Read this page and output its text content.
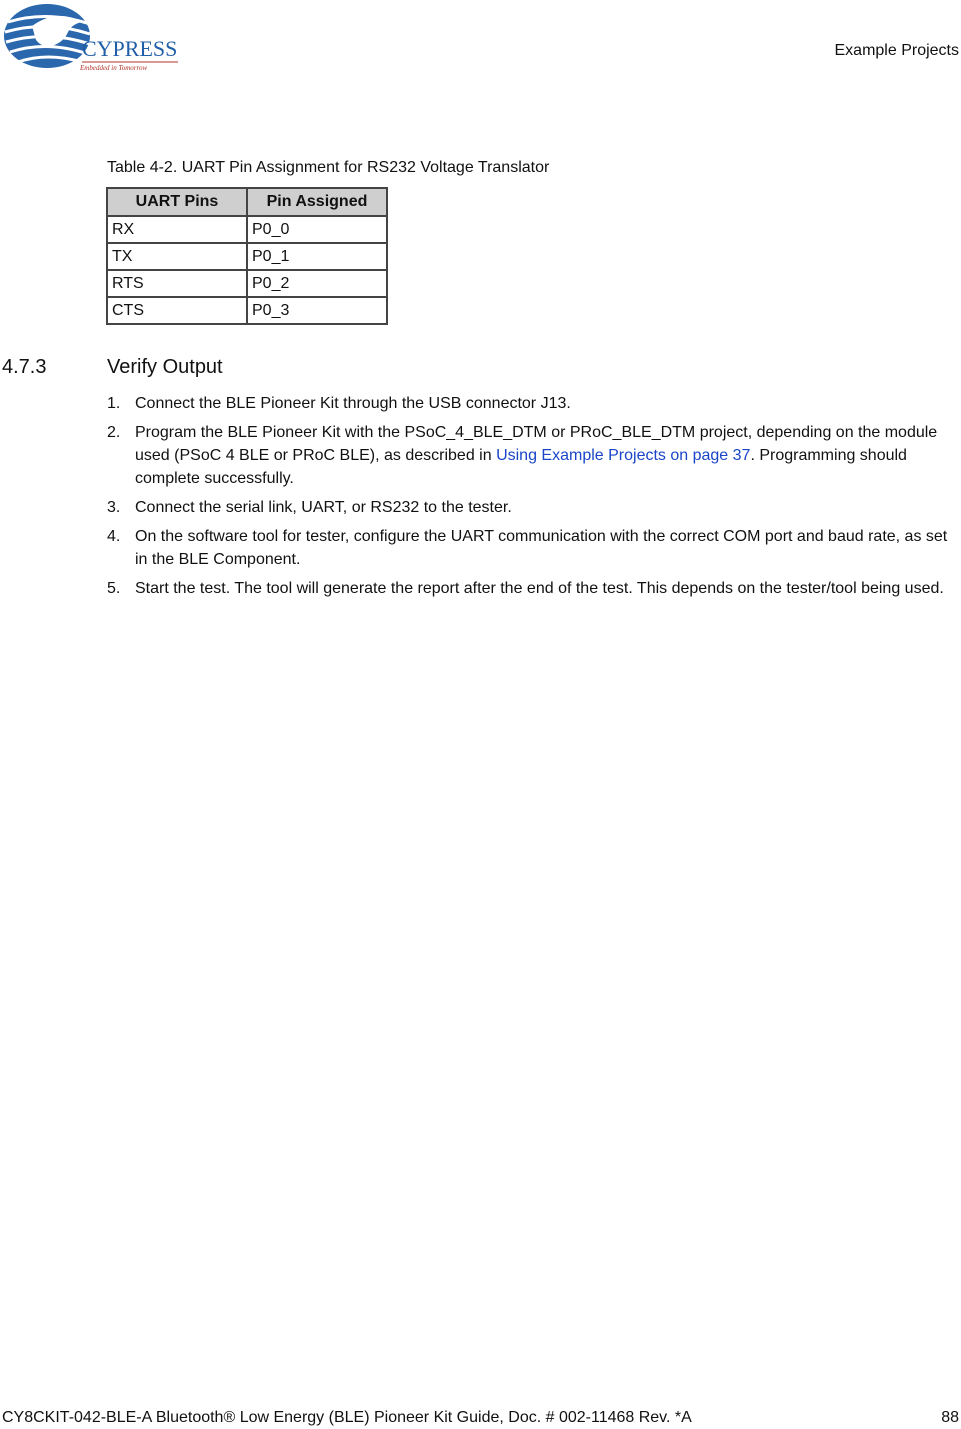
CYPRESS
Embedded in Tomorrow
Example Projects
Table 4-2. UART Pin Assignment for RS232 Voltage Translator
UART Pins	Pin Assigned
RX	P0_0
TX	P0_1
RTS	P0_2
CTS	P0_3
4.7.3	Verify Output
1. Connect the BLE Pioneer Kit through the USB connector J13.
2. Program the BLE Pioneer Kit with the PSoC_4_BLE_DTM or PRoC_BLE_DTM project, depending on the module used (PSoC 4 BLE or PRoC BLE), as described in Using Example Projects on page 37. Programming should complete successfully.
3. Connect the serial link, UART, or RS232 to the tester.
4. On the software tool for tester, configure the UART communication with the correct COM port and baud rate, as set in the BLE Component.
5. Start the test. The tool will generate the report after the end of the test. This depends on the tester/tool being used.
CY8CKIT-042-BLE-A Bluetooth® Low Energy (BLE) Pioneer Kit Guide, Doc. # 002-11468 Rev. *A	88
